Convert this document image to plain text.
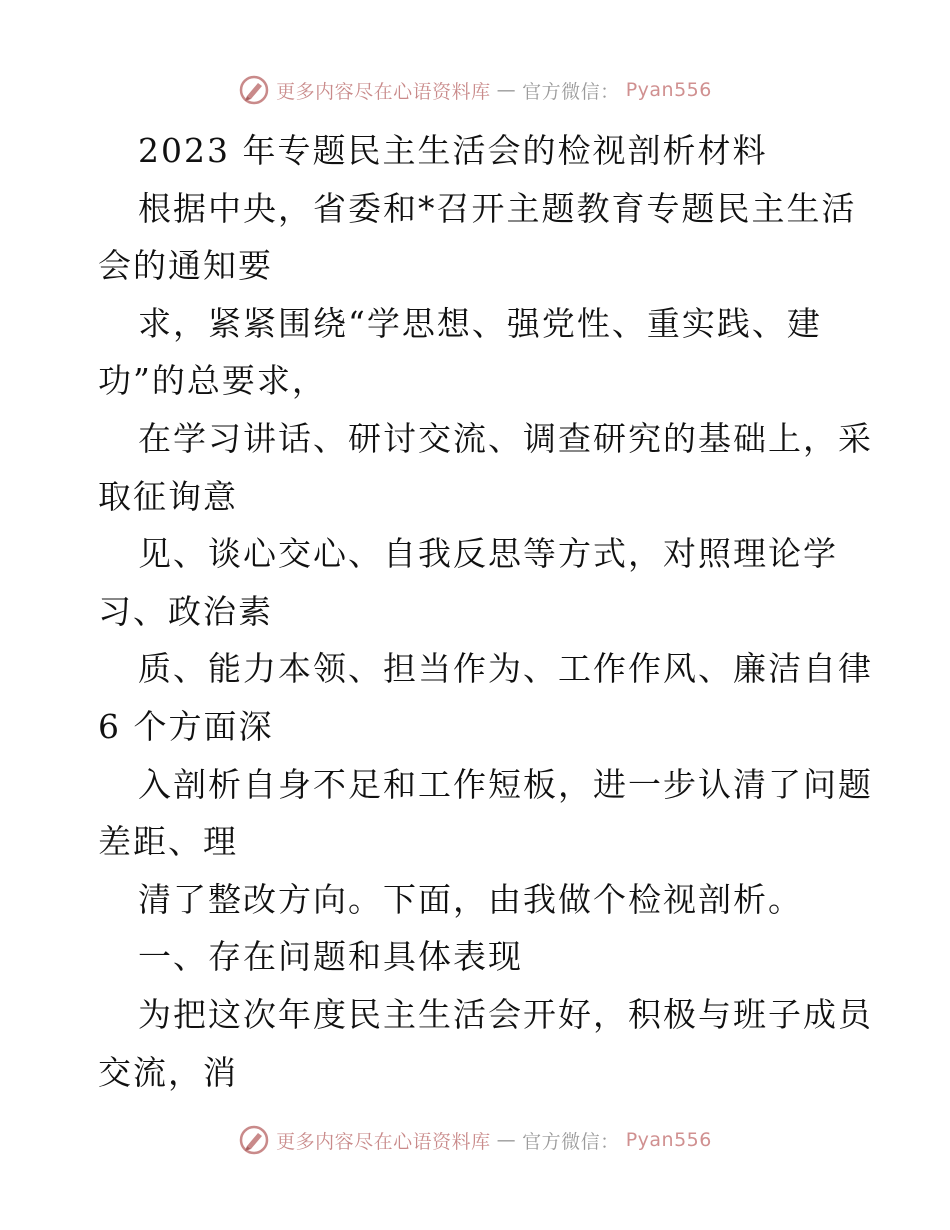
更多内容尽在心语资料库 — 官方微信： Pyan556
2023 年专题民主生活会的检视剖析材料
根据中央，省委和*召开主题教育专题民主生活
会的通知要
求，紧紧围绕“学思想、强党性、重实践、建
功”的总要求，
在学习讲话、研讨交流、调查研究的基础上，采
取征询意
见、谈心交心、自我反思等方式，对照理论学
习、政治素
质、能力本领、担当作为、工作作风、廉洁自律
6 个方面深
入剖析自身不足和工作短板，进一步认清了问题
差距、理
清了整改方向。下面，由我做个检视剖析。
一、存在问题和具体表现
为把这次年度民主生活会开好，积极与班子成员
交流，消
更多内容尽在心语资料库 — 官方微信： Pyan556
